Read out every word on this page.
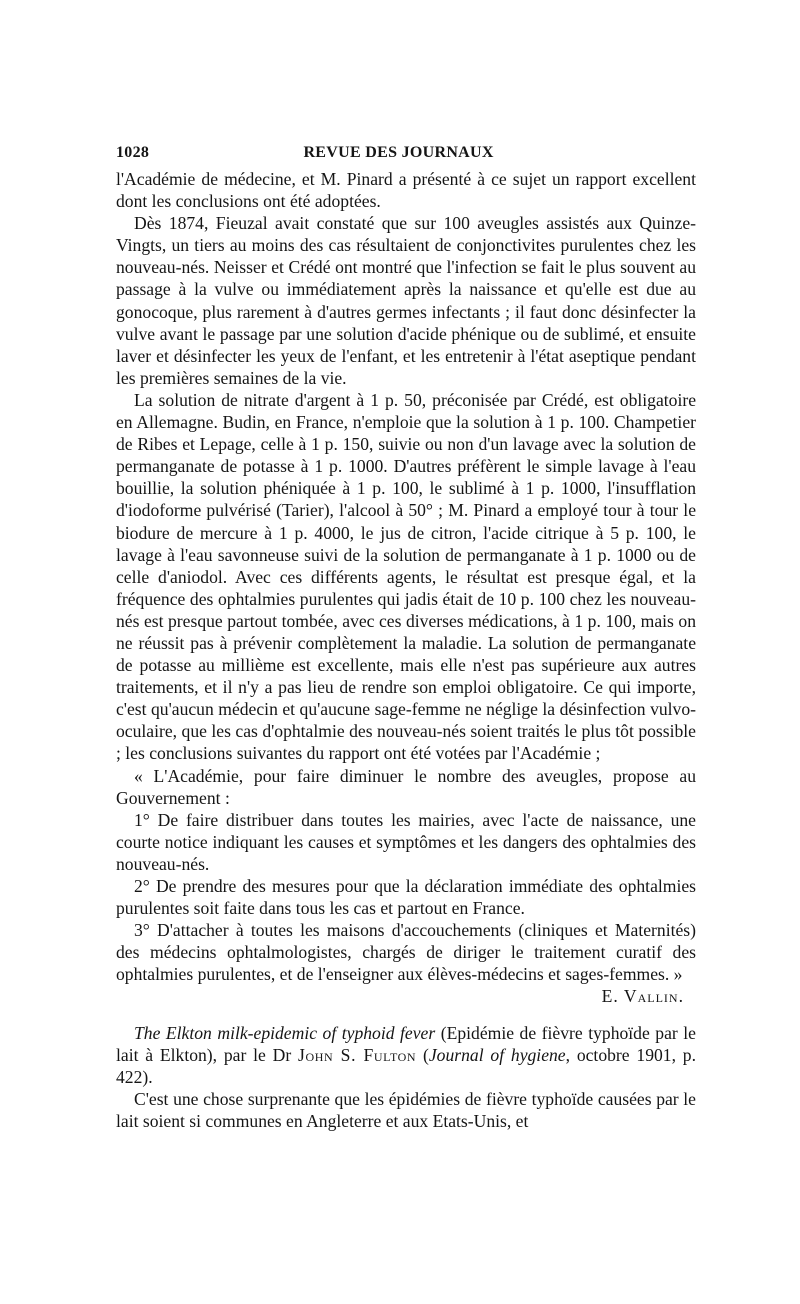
1028	REVUE DES JOURNAUX

l'Académie de médecine, et M. Pinard a présenté à ce sujet un rapport excellent dont les conclusions ont été adoptées.

Dès 1874, Fieuzal avait constaté que sur 100 aveugles assistés aux Quinze-Vingts, un tiers au moins des cas résultaient de conjonctivites purulentes chez les nouveau-nés. Neisser et Crédé ont montré que l'infection se fait le plus souvent au passage à la vulve ou immédiatement après la naissance et qu'elle est due au gonocoque, plus rarement à d'autres germes infectants ; il faut donc désinfecter la vulve avant le passage par une solution d'acide phénique ou de sublimé, et ensuite laver et désinfecter les yeux de l'enfant, et les entretenir à l'état aseptique pendant les premières semaines de la vie.

La solution de nitrate d'argent à 1 p. 50, préconisée par Crédé, est obligatoire en Allemagne. Budin, en France, n'emploie que la solution à 1 p. 100. Champetier de Ribes et Lepage, celle à 1 p. 150, suivie ou non d'un lavage avec la solution de permanganate de potasse à 1 p. 1000. D'autres préfèrent le simple lavage à l'eau bouillie, la solution phéniquée à 1 p. 100, le sublimé à 1 p. 1000, l'insufflation d'iodoforme pulvérisé (Tarier), l'alcool à 50° ; M. Pinard a employé tour à tour le biodure de mercure à 1 p. 4000, le jus de citron, l'acide citrique à 5 p. 100, le lavage à l'eau savonneuse suivi de la solution de permanganate à 1 p. 1000 ou de celle d'aniodol. Avec ces différents agents, le résultat est presque égal, et la fréquence des ophtalmies purulentes qui jadis était de 10 p. 100 chez les nouveau-nés est presque partout tombée, avec ces diverses médications, à 1 p. 100, mais on ne réussit pas à prévenir complètement la maladie. La solution de permanganate de potasse au millième est excellente, mais elle n'est pas supérieure aux autres traitements, et il n'y a pas lieu de rendre son emploi obligatoire. Ce qui importe, c'est qu'aucun médecin et qu'aucune sage-femme ne néglige la désinfection vulvo-oculaire, que les cas d'ophtalmie des nouveau-nés soient traités le plus tôt possible ; les conclusions suivantes du rapport ont été votées par l'Académie ;

« L'Académie, pour faire diminuer le nombre des aveugles, propose au Gouvernement :

1° De faire distribuer dans toutes les mairies, avec l'acte de naissance, une courte notice indiquant les causes et symptômes et les dangers des ophtalmies des nouveau-nés.

2° De prendre des mesures pour que la déclaration immédiate des ophtalmies purulentes soit faite dans tous les cas et partout en France.

3° D'attacher à toutes les maisons d'accouchements (cliniques et Maternités) des médecins ophtalmologistes, chargés de diriger le traitement curatif des ophtalmies purulentes, et de l'enseigner aux élèves-médecins et sages-femmes. »
E. Vallin.

The Elkton milk-epidemic of typhoid fever (Epidémie de fièvre typhoïde par le lait à Elkton), par le Dr John S. Fulton (Journal of hygiene, octobre 1901, p. 422).

C'est une chose surprenante que les épidémies de fièvre typhoïde causées par le lait soient si communes en Angleterre et aux Etats-Unis, et
